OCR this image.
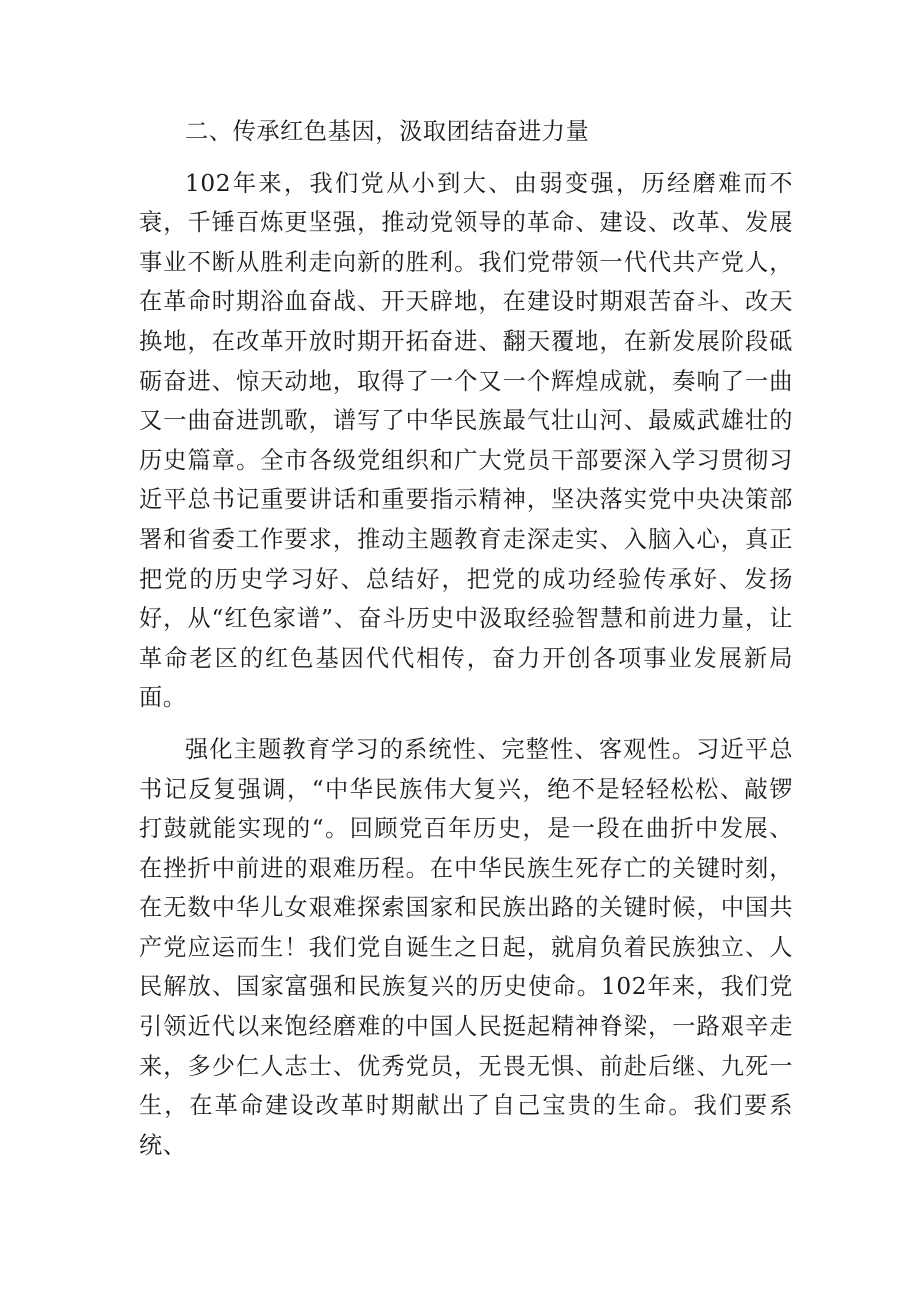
二、传承红色基因，汲取团结奋进力量

102年来，我们党从小到大、由弱变强，历经磨难而不衰，千锤百炼更坚强，推动党领导的革命、建设、改革、发展事业不断从胜利走向新的胜利。我们党带领一代代共产党人，在革命时期浴血奋战、开天辟地，在建设时期艰苦奋斗、改天换地，在改革开放时期开拓奋进、翻天覆地，在新发展阶段砥砺奋进、惊天动地，取得了一个又一个辉煌成就，奏响了一曲又一曲奋进凯歌，谱写了中华民族最气壮山河、最威武雄壮的历史篇章。全市各级党组织和广大党员干部要深入学习贯彻习近平总书记重要讲话和重要指示精神，坚决落实党中央决策部署和省委工作要求，推动主题教育走深走实、入脑入心，真正把党的历史学习好、总结好，把党的成功经验传承好、发扬好，从“红色家谱”、奋斗历史中汲取经验智慧和前进力量，让革命老区的红色基因代代相传，奋力开创各项事业发展新局面。

强化主题教育学习的系统性、完整性、客观性。习近平总书记反复强调，“中华民族伟大复兴，绝不是轻轻松松、敲锣打鼓就能实现的“。回顾党百年历史，是一段在曲折中发展、在挫折中前进的艰难历程。在中华民族生死存亡的关键时刻，在无数中华儿女艰难探索国家和民族出路的关键时候，中国共产党应运而生！我们党自诞生之日起，就肩负着民族独立、人民解放、国家富强和民族复兴的历史使命。102年来，我们党引领近代以来饱经磨难的中国人民挺起精神脊梁，一路艰辛走来，多少仁人志士、优秀党员，无畏无惧、前赴后继、九死一生，在革命建设改革时期献出了自己宝贵的生命。我们要系统、
